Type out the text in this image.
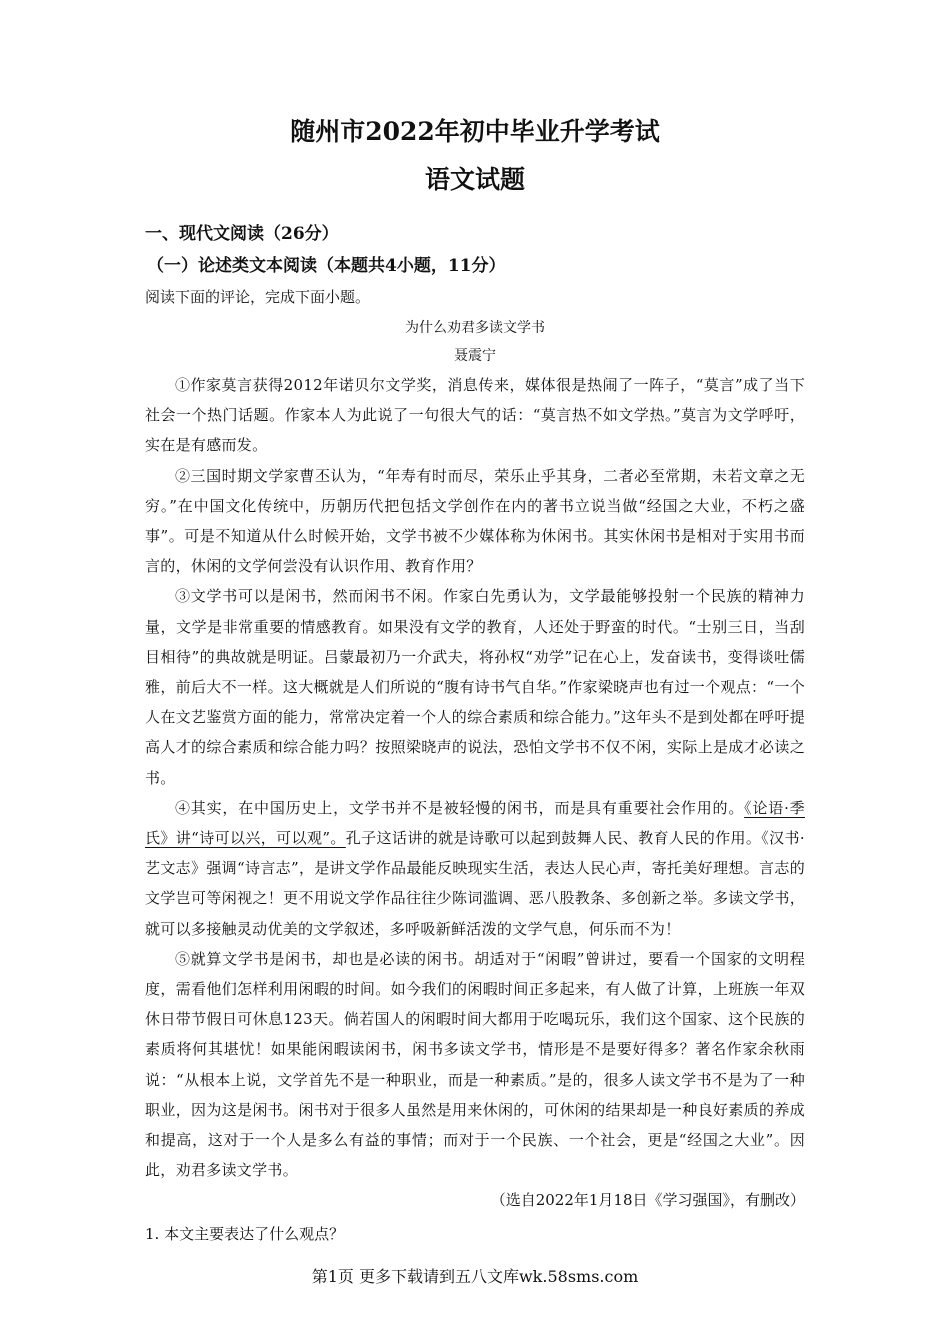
随州市2022年初中毕业升学考试
语文试题
一、现代文阅读（26分）
（一）论述类文本阅读（本题共4小题，11分）
阅读下面的评论，完成下面小题。
为什么劝君多读文学书
聂震宁

①作家莫言获得2012年诺贝尔文学奖，消息传来，媒体很是热闹了一阵子，“莫言”成了当下社会一个热门话题。作家本人为此说了一句很大气的话：“莫言热不如文学热。”莫言为文学呼吁，实在是有感而发。

②三国时期文学家曹丕认为，“年寿有时而尽，荣乐止乎其身，二者必至常期，未若文章之无穷。”在中国文化传统中，历朝历代把包括文学创作在内的著书立说当做“经国之大业，不朽之盛事”。可是不知道从什么时候开始，文学书被不少媒体称为休闲书。其实休闲书是相对于实用书而言的，休闲的文学何尝没有认识作用、教育作用？

③文学书可以是闲书，然而闲书不闲。作家白先勇认为，文学最能够投射一个民族的精神力量，文学是非常重要的情感教育。如果没有文学的教育，人还处于野蛮的时代。“士别三日，当刮目相待”的典故就是明证。吕蒙最初乃一介武夫，将孙权“劝学”记在心上，发奋读书，变得谈吐儒雅，前后大不一样。这大概就是人们所说的“腹有诗书气自华。”作家梁晓声也有过一个观点：“一个人在文艺鉴赏方面的能力，常常决定着一个人的综合素质和综合能力。”这年头不是到处都在呼吁提高人才的综合素质和综合能力吗？按照梁晓声的说法，恐怕文学书不仅不闲，实际上是成才必读之书。

④其实，在中国历史上，文学书并不是被轻慢的闲书，而是具有重要社会作用的。《论语·季氏》讲“诗可以兴，可以观”。孔子这话讲的就是诗歌可以起到鼓舞人民、教育人民的作用。《汉书·艺文志》强调“诗言志”，是讲文学作品最能反映现实生活，表达人民心声，寄托美好理想。言志的文学岂可等闲视之！更不用说文学作品往往少陈词滥调、恶八股教条、多创新之举。多读文学书，就可以多接触灵动优美的文学叙述，多呼吸新鲜活泼的文学气息，何乐而不为！

⑤就算文学书是闲书，却也是必读的闲书。胡适对于“闲暇”曾讲过，要看一个国家的文明程度，需看他们怎样利用闲暇的时间。如今我们的闲暇时间正多起来，有人做了计算，上班族一年双休日带节假日可休息123天。倘若国人的闲暇时间大都用于吃喝玩乐，我们这个国家、这个民族的素质将何其堪忧！如果能闲暇读闲书，闲书多读文学书，情形是不是要好得多？著名作家余秋雨说：“从根本上说，文学首先不是一种职业，而是一种素质。”是的，很多人读文学书不是为了一种职业，因为这是闲书。闲书对于很多人虽然是用来休闲的，可休闲的结果却是一种良好素质的养成和提高，这对于一个人是多么有益的事情；而对于一个民族、一个社会，更是“经国之大业”。因此，劝君多读文学书。

（选自2022年1月18日《学习强国》，有删改）
1. 本文主要表达了什么观点？
第1页 更多下载请到五八文库wk.58sms.com
